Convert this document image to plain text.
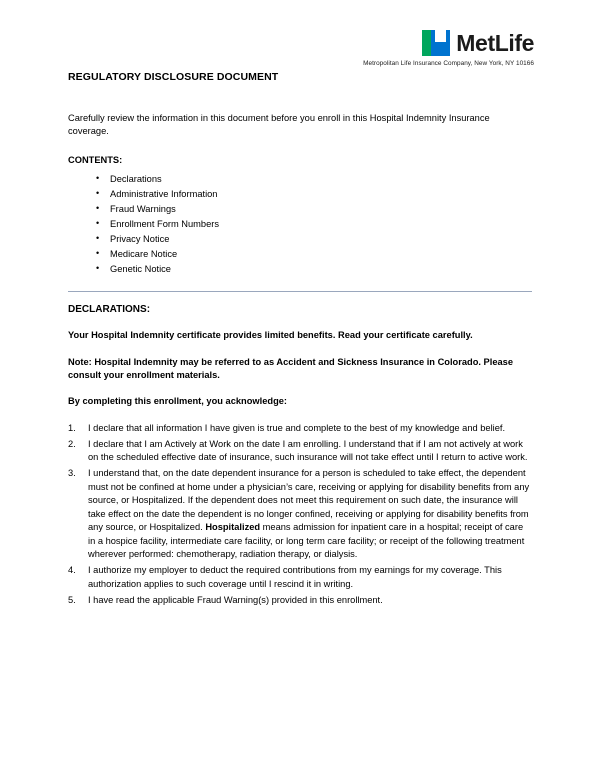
MetLife
Metropolitan Life Insurance Company, New York, NY 10166
REGULATORY DISCLOSURE DOCUMENT

Carefully review the information in this document before you enroll in this Hospital Indemnity Insurance coverage.

CONTENTS:

• Declarations
• Administrative Information
• Fraud Warnings
• Enrollment Form Numbers
• Privacy Notice
• Medicare Notice
• Genetic Notice

DECLARATIONS:

Your Hospital Indemnity certificate provides limited benefits. Read your certificate carefully.

Note: Hospital Indemnity may be referred to as Accident and Sickness Insurance in Colorado. Please consult your enrollment materials.

By completing this enrollment, you acknowledge:

I declare that all information I have given is true and complete to the best of my knowledge and belief.
I declare that I am Actively at Work on the date I am enrolling. I understand that if I am not actively at work on the scheduled effective date of insurance, such insurance will not take effect until I return to active work.
I understand that, on the date dependent insurance for a person is scheduled to take effect, the dependent must not be confined at home under a physician’s care, receiving or applying for disability benefits from any source, or Hospitalized. If the dependent does not meet this requirement on such date, the insurance will take effect on the date the dependent is no longer confined, receiving or applying for disability benefits from any source, or Hospitalized. Hospitalized means admission for inpatient care in a hospital; receipt of care in a hospice facility, intermediate care facility, or long term care facility; or receipt of the following treatment wherever performed: chemotherapy, radiation therapy, or dialysis.
I authorize my employer to deduct the required contributions from my earnings for my coverage. This authorization applies to such coverage until I rescind it in writing.
I have read the applicable Fraud Warning(s) provided in this enrollment.
